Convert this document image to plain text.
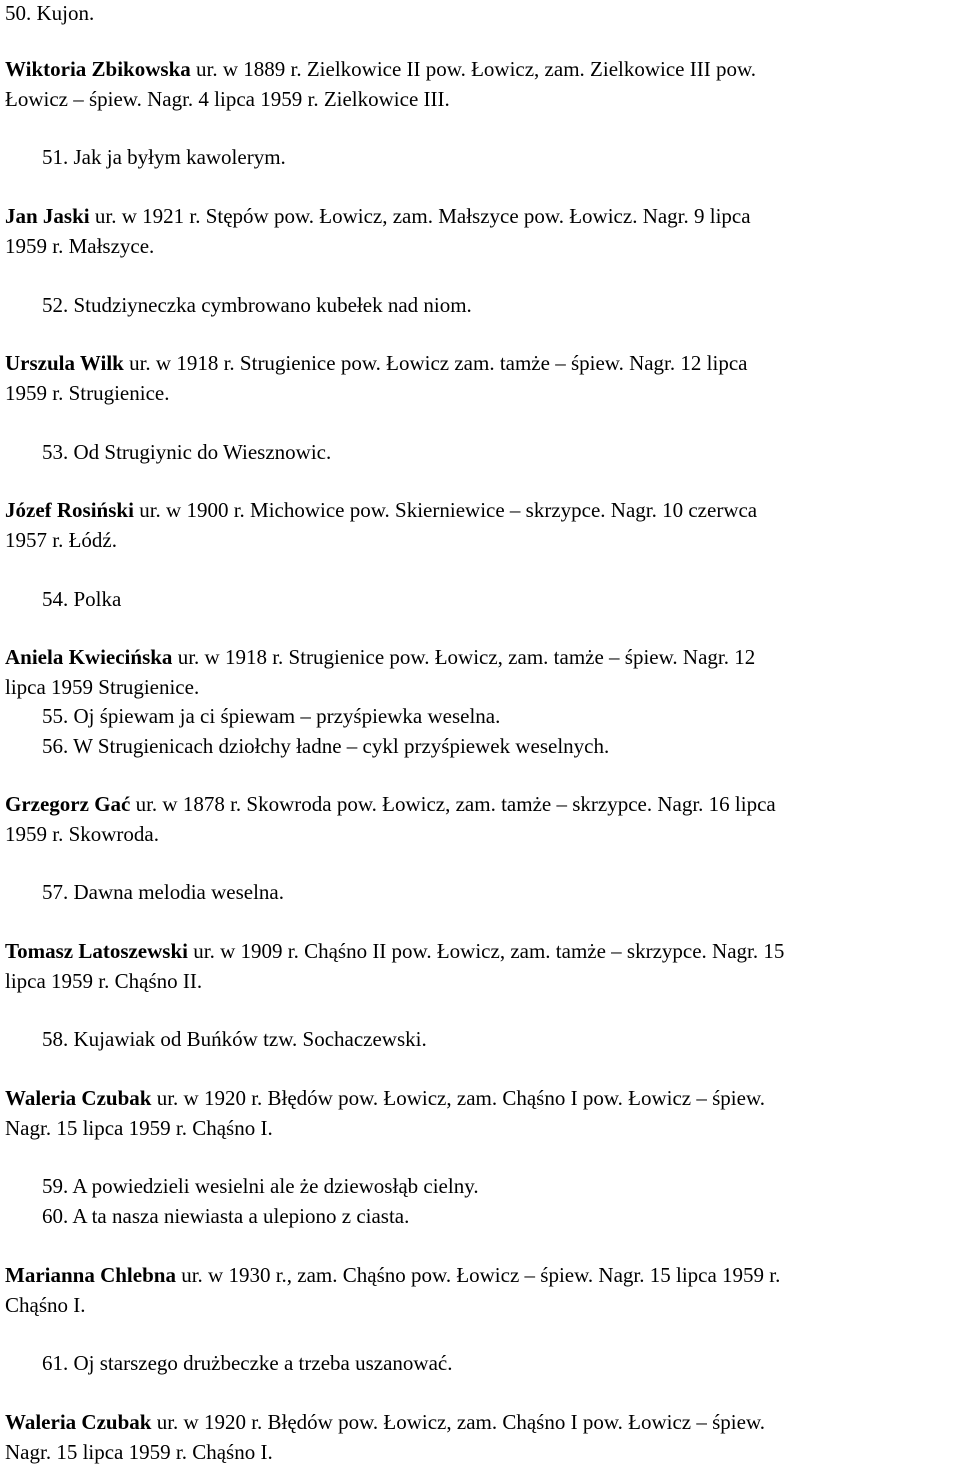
50. Kujon.
Wiktoria Zbikowska ur. w 1889 r. Zielkowice II pow. Łowicz, zam. Zielkowice III pow.
Łowicz – śpiew. Nagr. 4 lipca 1959 r. Zielkowice III.
51. Jak ja byłym kawolerym.
Jan Jaski ur. w 1921 r. Stępów pow. Łowicz, zam. Małszyce pow. Łowicz. Nagr. 9 lipca
1959 r. Małszyce.
52. Studziyneczka cymbrowano kubełek nad niom.
Urszula Wilk ur. w 1918 r. Strugienice pow. Łowicz zam. tamże – śpiew. Nagr. 12 lipca
1959 r. Strugienice.
53. Od Strugiynic do Wiesznowic.
Józef Rosiński ur. w 1900 r. Michowice pow. Skierniewice – skrzypce. Nagr. 10 czerwca
1957 r. Łódź.
54. Polka
Aniela Kwiecińska ur. w 1918 r. Strugienice pow. Łowicz, zam. tamże – śpiew. Nagr. 12
lipca 1959 Strugienice.
55. Oj śpiewam ja ci śpiewam – przyśpiewka weselna.
56. W Strugienicach dziołchy ładne – cykl przyśpiewek weselnych.
Grzegorz Gać ur. w 1878 r. Skowroda pow. Łowicz, zam. tamże – skrzypce. Nagr. 16 lipca
1959 r. Skowroda.
57. Dawna melodia weselna.
Tomasz Latoszewski ur. w 1909 r. Chąśno II pow. Łowicz, zam. tamże – skrzypce. Nagr. 15
lipca 1959 r. Chąśno II.
58. Kujawiak od Buńków tzw. Sochaczewski.
Waleria Czubak ur. w 1920 r. Błędów pow. Łowicz, zam. Chąśno I pow. Łowicz – śpiew.
Nagr. 15 lipca 1959 r. Chąśno I.
59. A powiedzieli wesielni ale że dziewosłąb cielny.
60. A ta nasza niewiasta a ulepiono z ciasta.
Marianna Chlebna ur. w 1930 r., zam. Chąśno pow. Łowicz – śpiew. Nagr. 15 lipca 1959 r.
Chąśno I.
61. Oj starszego drużbeczke a trzeba uszanować.
Waleria Czubak ur. w 1920 r. Błędów pow. Łowicz, zam. Chąśno I pow. Łowicz – śpiew.
Nagr. 15 lipca 1959 r. Chąśno I.
